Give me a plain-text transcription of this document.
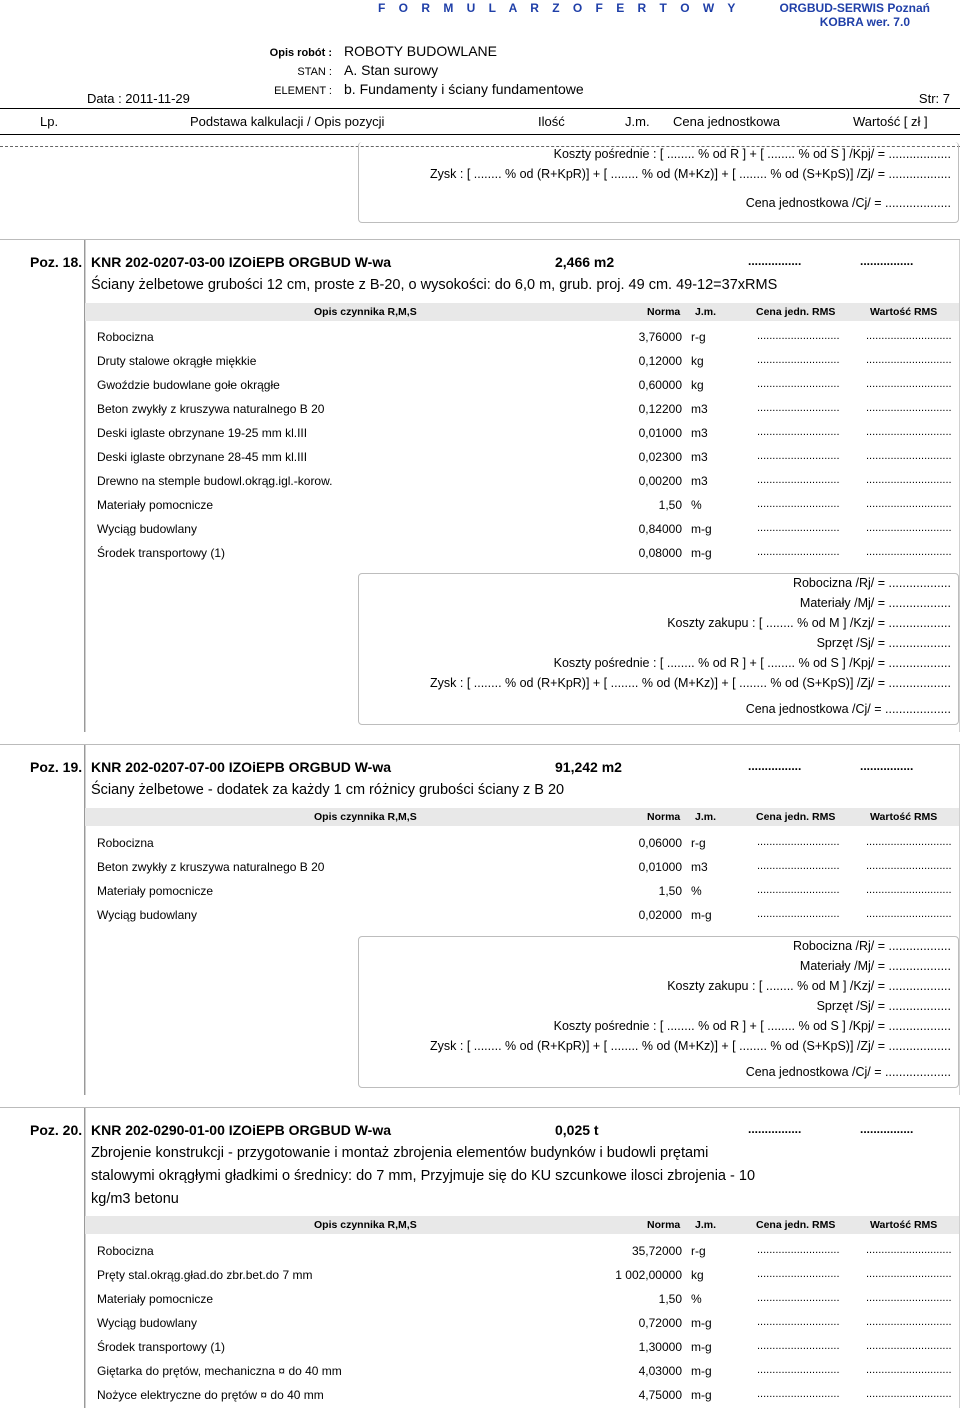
F O R M U L A R Z O F E R T O W Y	ORGBUD-SERWIS Poznań
KOBRA wer. 7.0
Opis robót : ROBOTY BUDOWLANE
STAN : A. Stan surowy
ELEMENT : b. Fundamenty i ściany fundamentowe
Data : 2011-11-29	Str: 7
Lp.	Podstawa kalkulacji / Opis pozycji	Ilość	J.m. Cena jednostkowa	Wartość [ zł ]
Koszty pośrednie : [ ........ % od R ] + [ ........ % od S ] /Kpj/ = ..................
Zysk : [ ........ % od (R+KpR)] + [ ........ % od (M+Kz)] + [ ........ % od (S+KpS)] /Zj/ = ..................
Cena jednostkowa /Cj/ = ...................
Poz. 18. KNR 202-0207-03-00 IZOiEPB ORGBUD W-wa	2,466 m2	................	................
Ściany żelbetowe grubości 12 cm, proste z B-20, o wysokości: do 6,0 m, grub. proj. 49 cm. 49-12=37xRMS
Opis czynnika R,M,S	Norma J.m.	Cena jedn. RMS	Wartość RMS
Robocizna	3,76000 r-g	........................... ............................
Druty stalowe okrągłe miękkie	0,12000 kg	........................... ............................
Gwoździe budowlane gołe okrągłe	0,60000 kg	........................... ............................
Beton zwykły z kruszywa naturalnego B 20	0,12200 m3	........................... ............................
Deski iglaste obrzynane 19-25 mm kl.III	0,01000 m3	........................... ............................
Deski iglaste obrzynane 28-45 mm kl.III	0,02300 m3	........................... ............................
Drewno na stemple budowl.okrąg.igl.-korow.	0,00200 m3	........................... ............................
Materiały pomocnicze	1,50 %	........................... ............................
Wyciąg budowlany	0,84000 m-g	........................... ............................
Środek transportowy (1)	0,08000 m-g	........................... ............................
Robocizna /Rj/ = ..................
Materiały /Mj/ = ..................
Koszty zakupu : [ ........ % od M ] /Kzj/ = ..................
Sprzęt /Sj/ = ..................
Koszty pośrednie : [ ........ % od R ] + [ ........ % od S ] /Kpj/ = ..................
Zysk : [ ........ % od (R+KpR)] + [ ........ % od (M+Kz)] + [ ........ % od (S+KpS)] /Zj/ = ..................
Cena jednostkowa /Cj/ = ...................
Poz. 19. KNR 202-0207-07-00 IZOiEPB ORGBUD W-wa	91,242 m2	................	................
Ściany żelbetowe - dodatek za każdy 1 cm różnicy grubości ściany z B 20
Opis czynnika R,M,S	Norma J.m.	Cena jedn. RMS	Wartość RMS
Robocizna	0,06000 r-g	........................... ............................
Beton zwykły z kruszywa naturalnego B 20	0,01000 m3	........................... ............................
Materiały pomocnicze	1,50 %	........................... ............................
Wyciąg budowlany	0,02000 m-g	........................... ............................
Robocizna /Rj/ = ..................
Materiały /Mj/ = ..................
Koszty zakupu : [ ........ % od M ] /Kzj/ = ..................
Sprzęt /Sj/ = ..................
Koszty pośrednie : [ ........ % od R ] + [ ........ % od S ] /Kpj/ = ..................
Zysk : [ ........ % od (R+KpR)] + [ ........ % od (M+Kz)] + [ ........ % od (S+KpS)] /Zj/ = ..................
Cena jednostkowa /Cj/ = ...................
Poz. 20. KNR 202-0290-01-00 IZOiEPB ORGBUD W-wa	0,025 t	................	................
Zbrojenie konstrukcji - przygotowanie i montaż zbrojenia elementów budynków i budowli prętami stalowymi okrągłymi gładkimi o średnicy: do 7 mm, Przyjmuje się do KU szcunkowe ilosci zbrojenia - 10 kg/m3 betonu
Opis czynnika R,M,S	Norma J.m.	Cena jedn. RMS	Wartość RMS
Robocizna	35,72000 r-g	........................... ............................
Pręty stal.okrąg.gład.do zbr.bet.do 7 mm	1 002,00000 kg	........................... ............................
Materiały pomocnicze	1,50 %	........................... ............................
Wyciąg budowlany	0,72000 m-g	........................... ............................
Środek transportowy (1)	1,30000 m-g	........................... ............................
Giętarka do prętów, mechaniczna ¤ do 40 mm	4,03000 m-g	........................... ............................
Nożyce elektryczne do prętów ¤ do 40 mm	4,75000 m-g	........................... ............................
